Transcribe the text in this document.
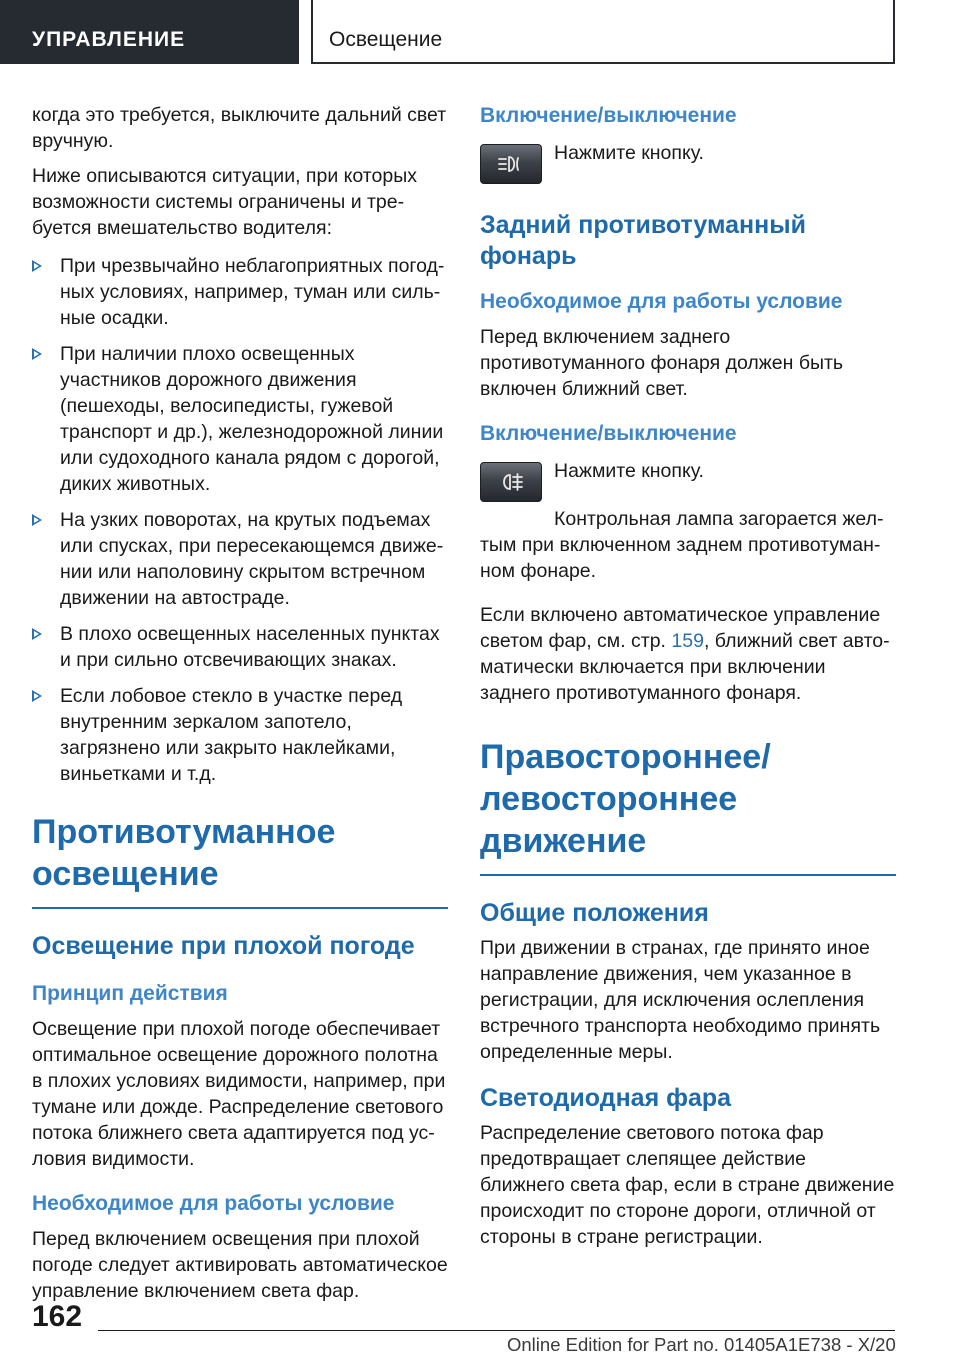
УПРАВЛЕНИЕ	Освещение

когда это требуется, выключите дальний свет вручную.

Ниже описываются ситуации, при которых возможности системы ограничены и требуется вмешательство водителя:

При чрезвычайно неблагоприятных погодных условиях, например, туман или сильные осадки.
При наличии плохо освещенных участников дорожного движения (пешеходы, велосипедисты, гужевой транспорт и др.), железнодорожной линии или судоходного канала рядом с дорогой, диких животных.
На узких поворотах, на крутых подъемах или спусках, при пересекающемся движении или наполовину скрытом встречном движении на автостраде.
В плохо освещенных населенных пунктах и при сильно отсвечивающих знаках.
Если лобовое стекло в участке перед внутренним зеркалом запотело, загрязнено или закрыто наклейками, виньетками и т.д.
Противотуманное освещение
Освещение при плохой погоде
Принцип действия

Освещение при плохой погоде обеспечивает оптимальное освещение дорожного полотна в плохих условиях видимости, например, при тумане или дожде. Распределение светового потока ближнего света адаптируется под условия видимости.

Необходимое для работы условие

Перед включением освещения при плохой погоде следует активировать автоматическое управление включением света фар.

Включение/выключение

Нажмите кнопку.

Задний противотуманный фонарь
Необходимое для работы условие

Перед включением заднего противотуманного фонаря должен быть включен ближний свет.

Включение/выключение

Нажмите кнопку.

Контрольная лампа загорается желтым при включенном заднем противотуманном фонаре.

Если включено автоматическое управление светом фар, см. стр. 159, ближний свет автоматически включается при включении заднего противотуманного фонаря.

Правостороннее/ левостороннее движение
Общие положения

При движении в странах, где принято иное направление движения, чем указанное в регистрации, для исключения ослепления встречного транспорта необходимо принять определенные меры.

Светодиодная фара

Распределение светового потока фар предотвращает слепящее действие ближнего света фар, если в стране движение происходит по стороне дороги, отличной от стороны в стране регистрации.

162
Online Edition for Part no. 01405A1E738 - X/20
